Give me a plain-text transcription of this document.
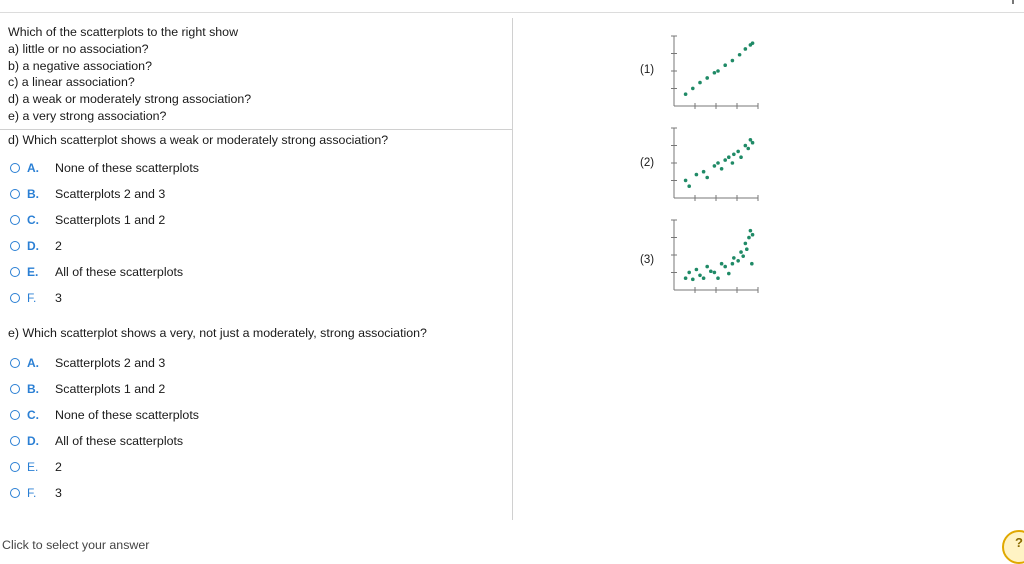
Which of the scatterplots to the right show
a) little or no association?
b) a negative association?
c) a linear association?
d) a weak or moderately strong association?
e) a very strong association?
d) Which scatterplot shows a weak or moderately strong association?
A.	None of these scatterplots
B.	Scatterplots 2 and 3
C.	Scatterplots 1 and 2
D.	2
E.	All of these scatterplots
F.	3
e) Which scatterplot shows a very, not just a moderately, strong association?
A.	Scatterplots 2 and 3
B.	Scatterplots 1 and 2
C.	None of these scatterplots
D.	All of these scatterplots
E.	2
F.	3
Click to select your answer	?
(1)
(2)
(3)
